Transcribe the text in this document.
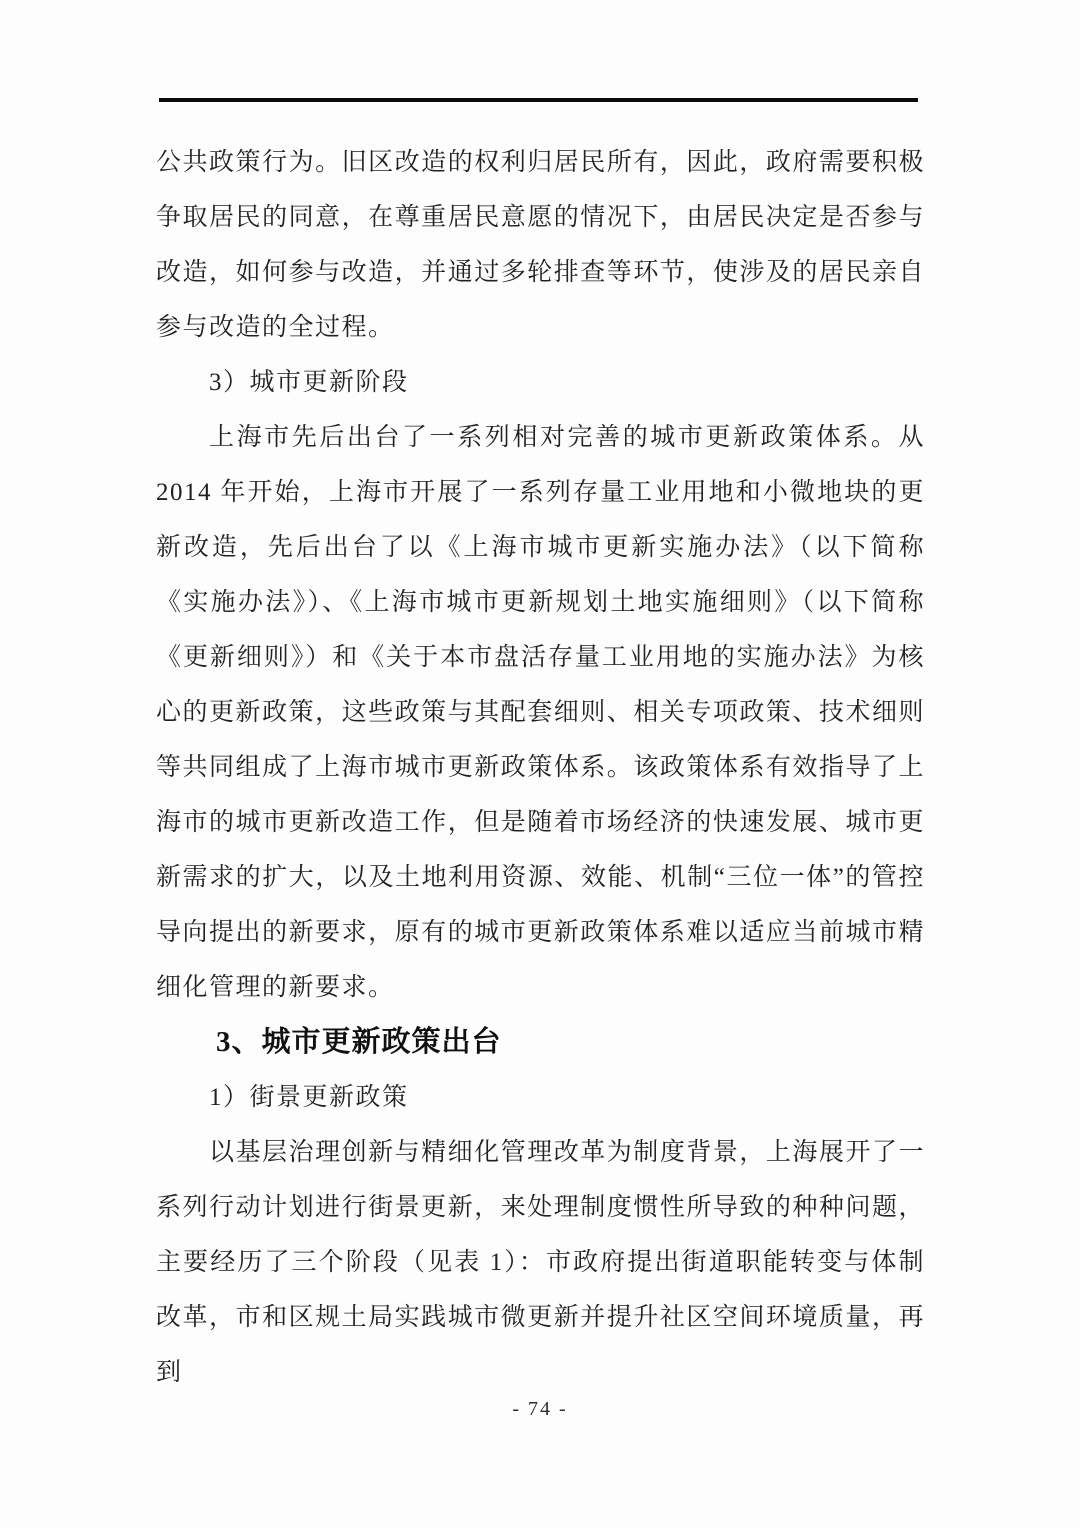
公共政策行为。旧区改造的权利归居民所有，因此，政府需要积极争取居民的同意，在尊重居民意愿的情况下，由居民决定是否参与改造，如何参与改造，并通过多轮排查等环节，使涉及的居民亲自参与改造的全过程。

3）城市更新阶段

上海市先后出台了一系列相对完善的城市更新政策体系。从 2014 年开始，上海市开展了一系列存量工业用地和小微地块的更新改造，先后出台了以《上海市城市更新实施办法》（以下简称《实施办法》）、《上海市城市更新规划土地实施细则》（以下简称《更新细则》）和《关于本市盘活存量工业用地的实施办法》为核心的更新政策，这些政策与其配套细则、相关专项政策、技术细则等共同组成了上海市城市更新政策体系。该政策体系有效指导了上海市的城市更新改造工作，但是随着市场经济的快速发展、城市更新需求的扩大，以及土地利用资源、效能、机制“三位一体”的管控导向提出的新要求，原有的城市更新政策体系难以适应当前城市精细化管理的新要求。

3、城市更新政策出台

1）街景更新政策

以基层治理创新与精细化管理改革为制度背景，上海展开了一系列行动计划进行街景更新，来处理制度惯性所导致的种种问题，主要经历了三个阶段（见表 1）：市政府提出街道职能转变与体制改革，市和区规土局实践城市微更新并提升社区空间环境质量，再到

- 74 -
